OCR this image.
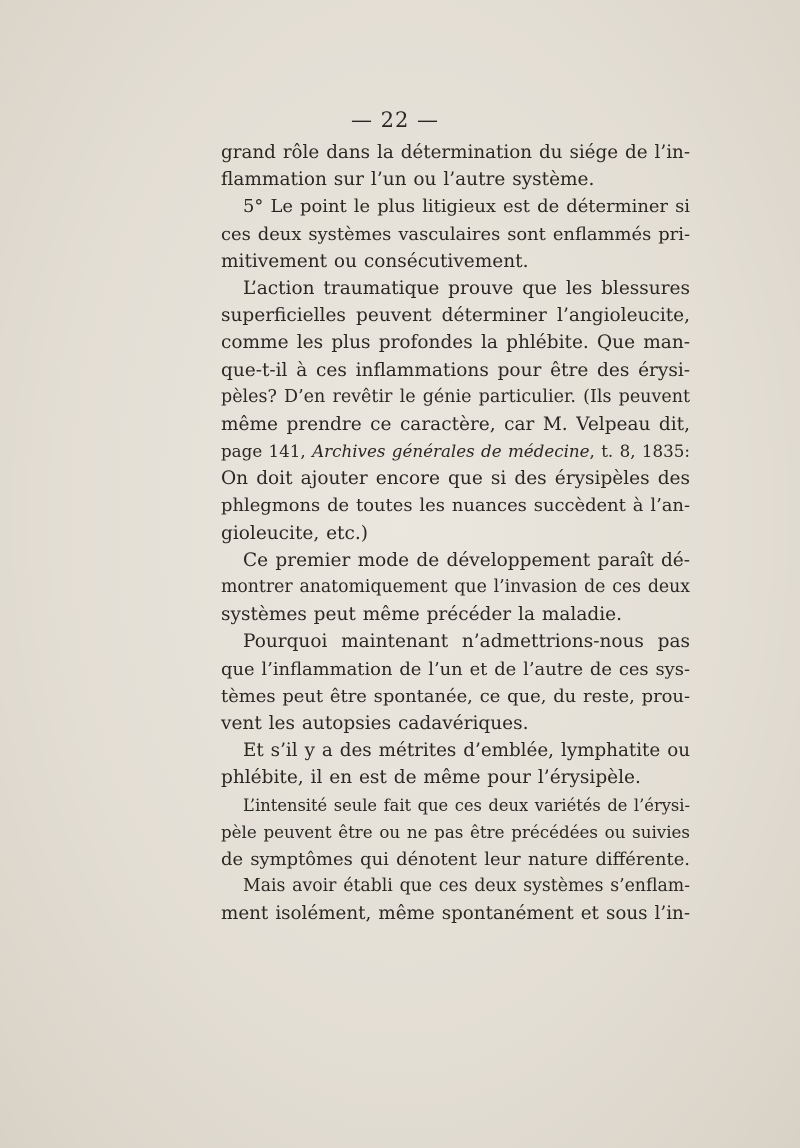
— 22 —
grand rôle dans la détermination du siége de l’in-
flammation sur l’un ou l’autre système.
5° Le point le plus litigieux est de déterminer si
ces deux systèmes vasculaires sont enflammés pri-
mitivement ou consécutivement.
L’action traumatique prouve que les blessures
superficielles peuvent déterminer l’angioleucite,
comme les plus profondes la phlébite. Que man-
que-t-il à ces inflammations pour être des érysi-
pèles? D’en revêtir le génie particulier. (Ils peuvent
même prendre ce caractère, car M. Velpeau dit,
page 141, Archives générales de médecine, t. 8, 1835:
On doit ajouter encore que si des érysipèles des
phlegmons de toutes les nuances succèdent à l’an-
gioleucite, etc.)
Ce premier mode de développement paraît dé-
montrer anatomiquement que l’invasion de ces deux
systèmes peut même précéder la maladie.
Pourquoi maintenant n’admettrions-nous pas
que l’inflammation de l’un et de l’autre de ces sys-
tèmes peut être spontanée, ce que, du reste, prou-
vent les autopsies cadavériques.
Et s’il y a des métrites d’emblée, lymphatite ou
phlébite, il en est de même pour l’érysipèle.
L’intensité seule fait que ces deux variétés de l’érysi-
pèle peuvent être ou ne pas être précédées ou suivies
de symptômes qui dénotent leur nature différente.
Mais avoir établi que ces deux systèmes s’enflam-
ment isolément, même spontanément et sous l’in-
